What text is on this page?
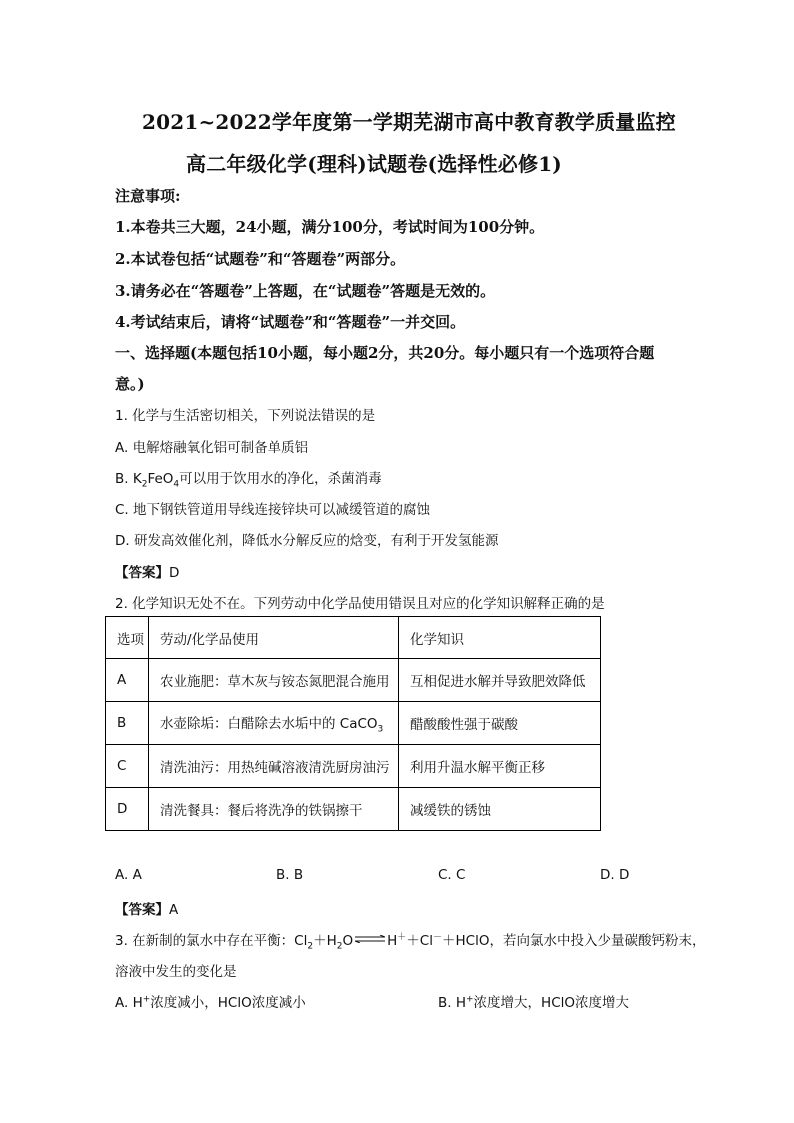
2021~2022学年度第一学期芜湖市高中教育教学质量监控
高二年级化学(理科)试题卷(选择性必修1)
注意事项:
1.本卷共三大题，24小题，满分100分，考试时间为100分钟。
2.本试卷包括“试题卷”和“答题卷”两部分。
3.请务必在“答题卷”上答题，在“试题卷”答题是无效的。
4.考试结束后，请将“试题卷”和“答题卷”一并交回。
一、选择题(本题包括10小题，每小题2分，共20分。每小题只有一个选项符合题
意。)
1. 化学与生活密切相关，下列说法错误的是
A. 电解熔融氧化铝可制备单质铝
B. $K_2FeO_4$可以用于饮用水的净化，杀菌消毒
C. 地下钢铁管道用导线连接锌块可以减缓管道的腐蚀
D. 研发高效催化剂，降低水分解反应的焓变，有利于开发氢能源
【答案】D
2. 化学知识无处不在。下列劳动中化学品使用错误且对应的化学知识解释正确的是
选项	劳动/化学品使用	化学知识
A	农业施肥：草木灰与铵态氮肥混合施用	互相促进水解并导致肥效降低
B	水壶除垢：白醋除去水垢中的 CaCO$_3$	醋酸酸性强于碳酸
C	清洗油污：用热纯碱溶液清洗厨房油污	利用升温水解平衡正移
D	清洗餐具：餐后将洗净的铁锅擦干	减缓铁的锈蚀
A. A	B. B	C. C	D. D
【答案】A
3. 在新制的氯水中存在平衡：$Cl_2+H_2O$ ⇌ H＋＋Cl－＋HClO，若向氯水中投入少量碳酸钙粉末，
溶液中发生的变化是
A. H+浓度减小，HClO浓度减小	B. H+浓度增大，HClO浓度增大
